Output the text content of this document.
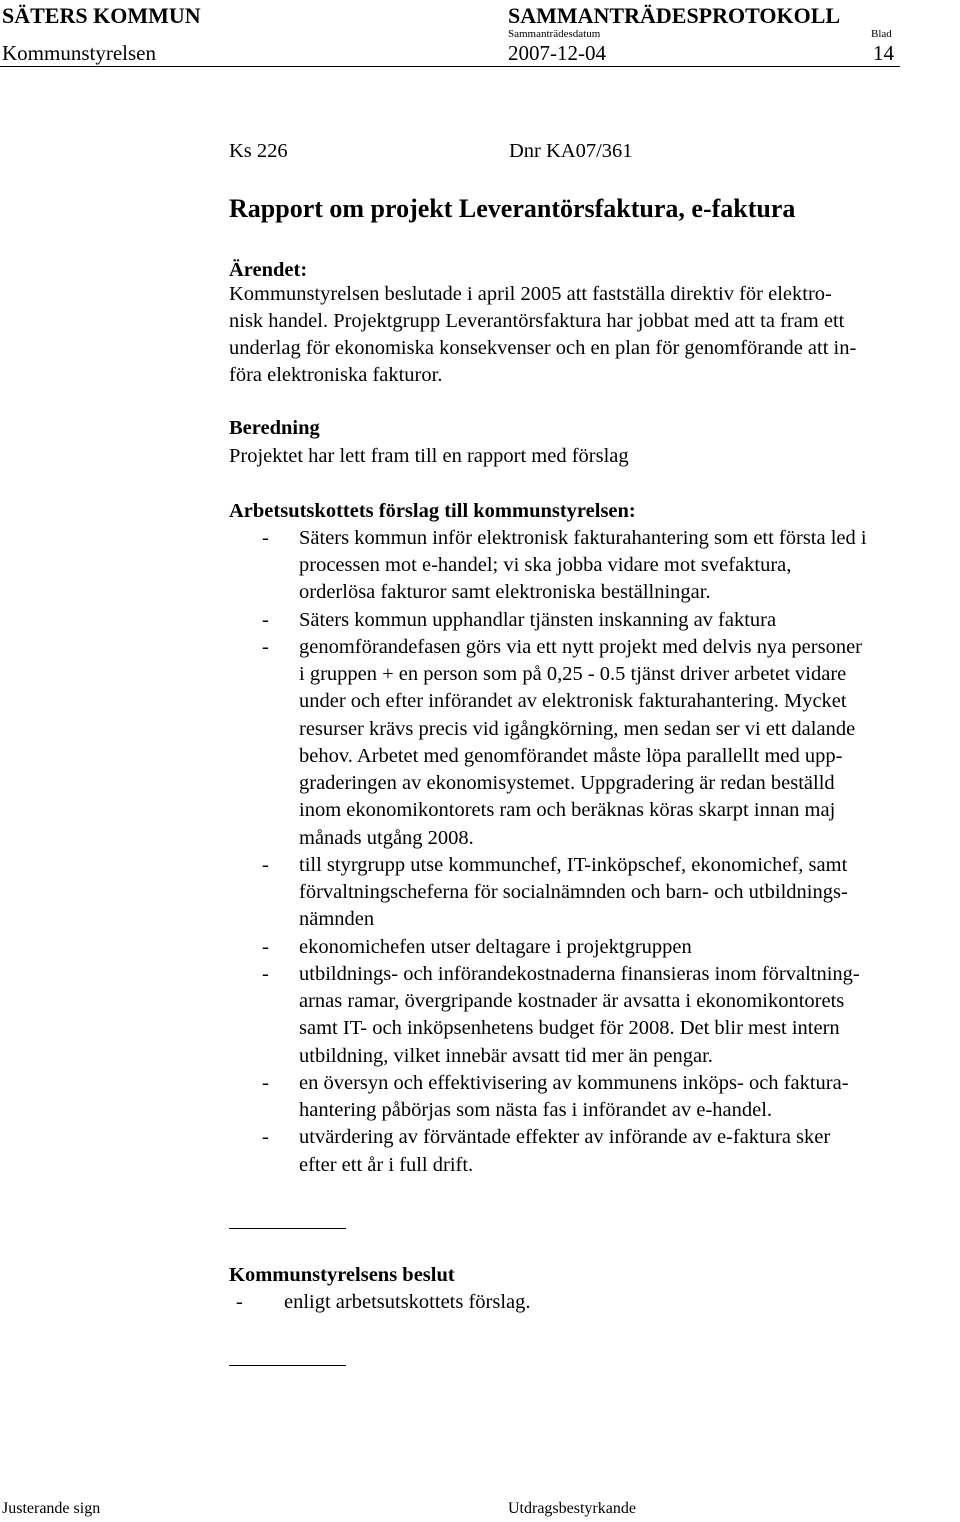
SÄTERS KOMMUN	SAMMANTRÄDESPROTOKOLL
Sammanträdesdatum	Blad
Kommunstyrelsen	2007-12-04	14
Ks 226	Dnr KA07/361
Rapport om projekt Leverantörsfaktura, e-faktura
Ärendet:
Kommunstyrelsen beslutade i april 2005 att fastställa direktiv för elektro-
nisk handel. Projektgrupp Leverantörsfaktura har jobbat med att ta fram ett
underlag för ekonomiska konsekvenser och en plan för genomförande att in-
föra elektroniska fakturor.
Beredning
Projektet har lett fram till en rapport med förslag
Arbetsutskottets förslag till kommunstyrelsen:
- Säters kommun inför elektronisk fakturahantering som ett första led i
processen mot e-handel; vi ska jobba vidare mot svefaktura,
orderlösa fakturor samt elektroniska beställningar.
- Säters kommun upphandlar tjänsten inskanning av faktura
- genomförandefasen görs via ett nytt projekt med delvis nya personer
i gruppen + en person som på 0,25 - 0.5 tjänst driver arbetet vidare
under och efter införandet av elektronisk fakturahantering. Mycket
resurser krävs precis vid igångkörning, men sedan ser vi ett dalande
behov. Arbetet med genomförandet måste löpa parallellt med upp-
graderingen av ekonomisystemet. Uppgradering är redan beställd
inom ekonomikontorets ram och beräknas köras skarpt innan maj
månads utgång 2008.
- till styrgrupp utse kommunchef, IT-inköpschef, ekonomichef, samt
förvaltningscheferna för socialnämnden och barn- och utbildnings-
nämnden
- ekonomichefen utser deltagare i projektgruppen
- utbildnings- och införandekostnaderna finansieras inom förvaltning-
arnas ramar, övergripande kostnader är avsatta i ekonomikontorets
samt IT- och inköpsenhetens budget för 2008. Det blir mest intern
utbildning, vilket innebär avsatt tid mer än pengar.
- en översyn och effektivisering av kommunens inköps- och faktura-
hantering påbörjas som nästa fas i införandet av e-handel.
- utvärdering av förväntade effekter av införande av e-faktura sker
efter ett år i full drift.
Kommunstyrelsens beslut
- enligt arbetsutskottets förslag.
Justerande sign	Utdragsbestyrkande
